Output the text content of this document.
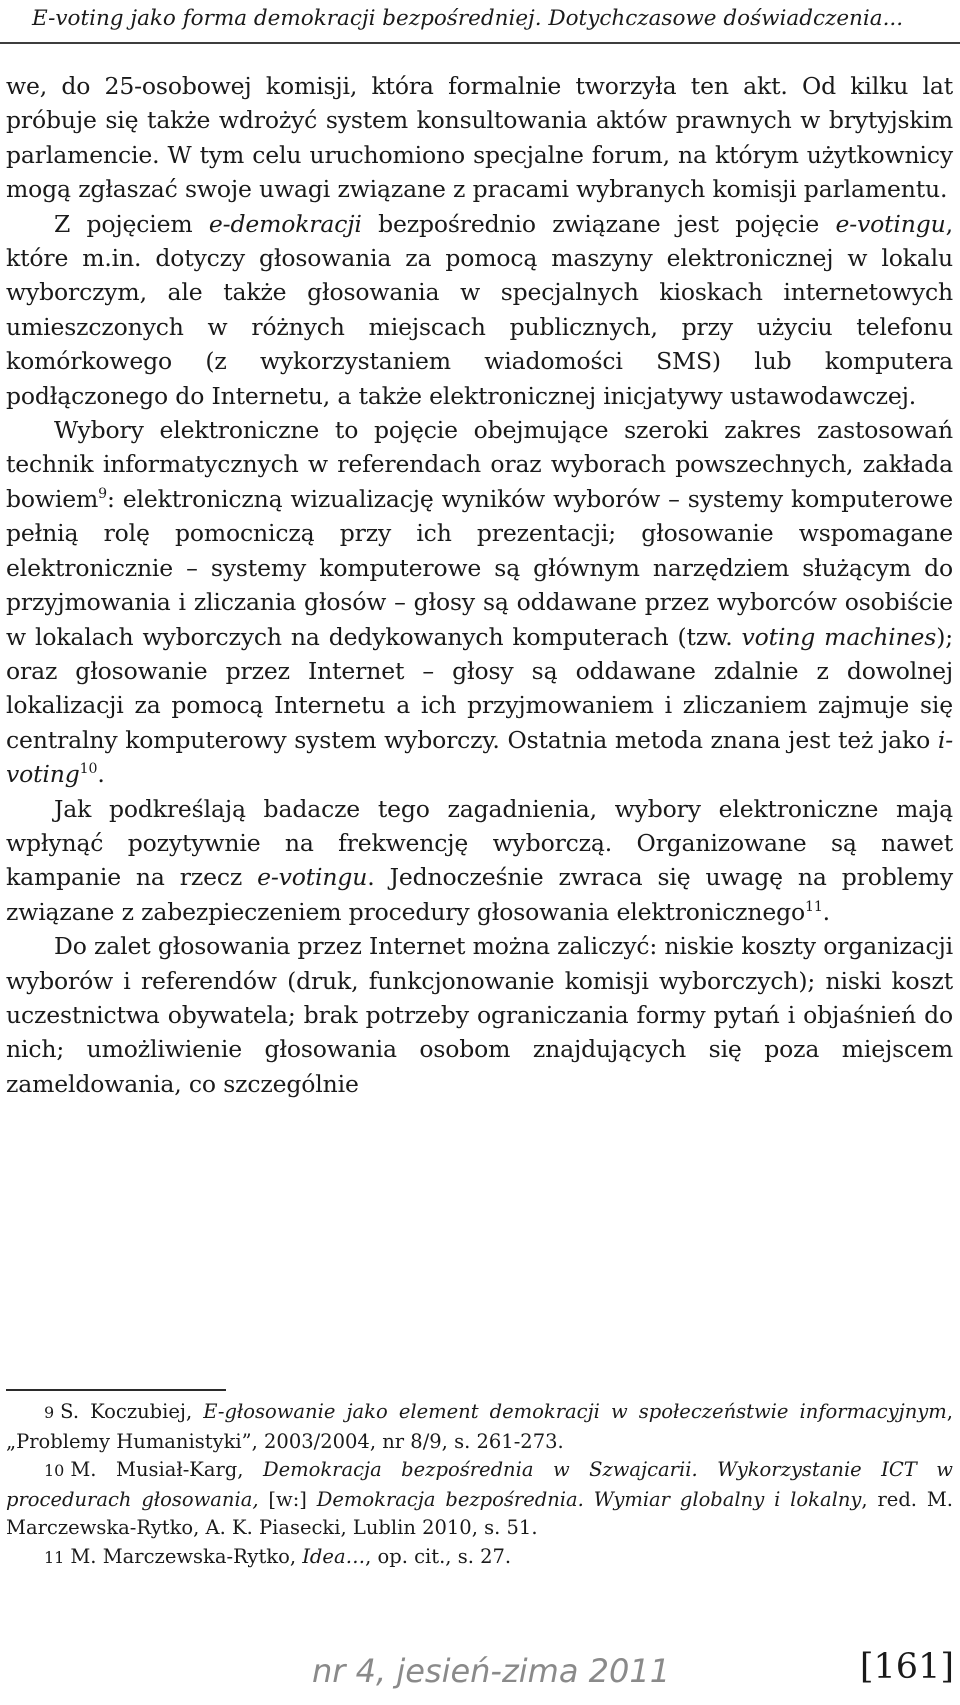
E-voting jako forma demokracji bezpośredniej. Dotychczasowe doświadczenia...

we, do 25-osobowej komisji, która formalnie tworzyła ten akt. Od kilku lat próbuje się także wdrożyć system konsultowania aktów prawnych w brytyjskim parlamencie. W tym celu uruchomiono specjalne forum, na którym użytkownicy mogą zgłaszać swoje uwagi związane z pracami wybranych komisji parlamentu.

Z pojęciem e-demokracji bezpośrednio związane jest pojęcie e-votingu, które m.in. dotyczy głosowania za pomocą maszyny elektronicznej w lokalu wyborczym, ale także głosowania w specjalnych kioskach internetowych umieszczonych w różnych miejscach publicznych, przy użyciu telefonu komórkowego (z wykorzystaniem wiadomości SMS) lub komputera podłączonego do Internetu, a także elektronicznej inicjatywy ustawodawczej.

Wybory elektroniczne to pojęcie obejmujące szeroki zakres zastosowań technik informatycznych w referendach oraz wyborach powszechnych, zakłada bowiem$^9$: elektroniczną wizualizację wyników wyborów – systemy komputerowe pełnią rolę pomocniczą przy ich prezentacji; głosowanie wspomagane elektronicznie – systemy komputerowe są głównym narzędziem służącym do przyjmowania i zliczania głosów – głosy są oddawane przez wyborców osobiście w lokalach wyborczych na dedykowanych komputerach (tzw. voting machines); oraz głosowanie przez Internet – głosy są oddawane zdalnie z dowolnej lokalizacji za pomocą Internetu a ich przyjmowaniem i zliczaniem zajmuje się centralny komputerowy system wyborczy. Ostatnia metoda znana jest też jako i-voting$^{10}$.

Jak podkreślają badacze tego zagadnienia, wybory elektroniczne mają wpłynąć pozytywnie na frekwencję wyborczą. Organizowane są nawet kampanie na rzecz e-votingu. Jednocześnie zwraca się uwagę na problemy związane z zabezpieczeniem procedury głosowania elektronicznego$^{11}$.

Do zalet głosowania przez Internet można zaliczyć: niskie koszty organizacji wyborów i referendów (druk, funkcjonowanie komisji wyborczych); niski koszt uczestnictwa obywatela; brak potrzeby ograniczania formy pytań i objaśnień do nich; umożliwienie głosowania osobom znajdujących się poza miejscem zameldowania, co szczególnie

9 S. Koczubiej, E-głosowanie jako element demokracji w społeczeństwie informacyjnym, „Problemy Humanistyki”, 2003/2004, nr 8/9, s. 261-273.

10 M. Musiał-Karg, Demokracja bezpośrednia w Szwajcarii. Wykorzystanie ICT w procedurach głosowania, [w:] Demokracja bezpośrednia. Wymiar globalny i lokalny, red. M. Marczewska-Rytko, A. K. Piasecki, Lublin 2010, s. 51.

11 M. Marczewska-Rytko, Idea…, op. cit., s. 27.

nr 4, jesień-zima 2011	[161]
